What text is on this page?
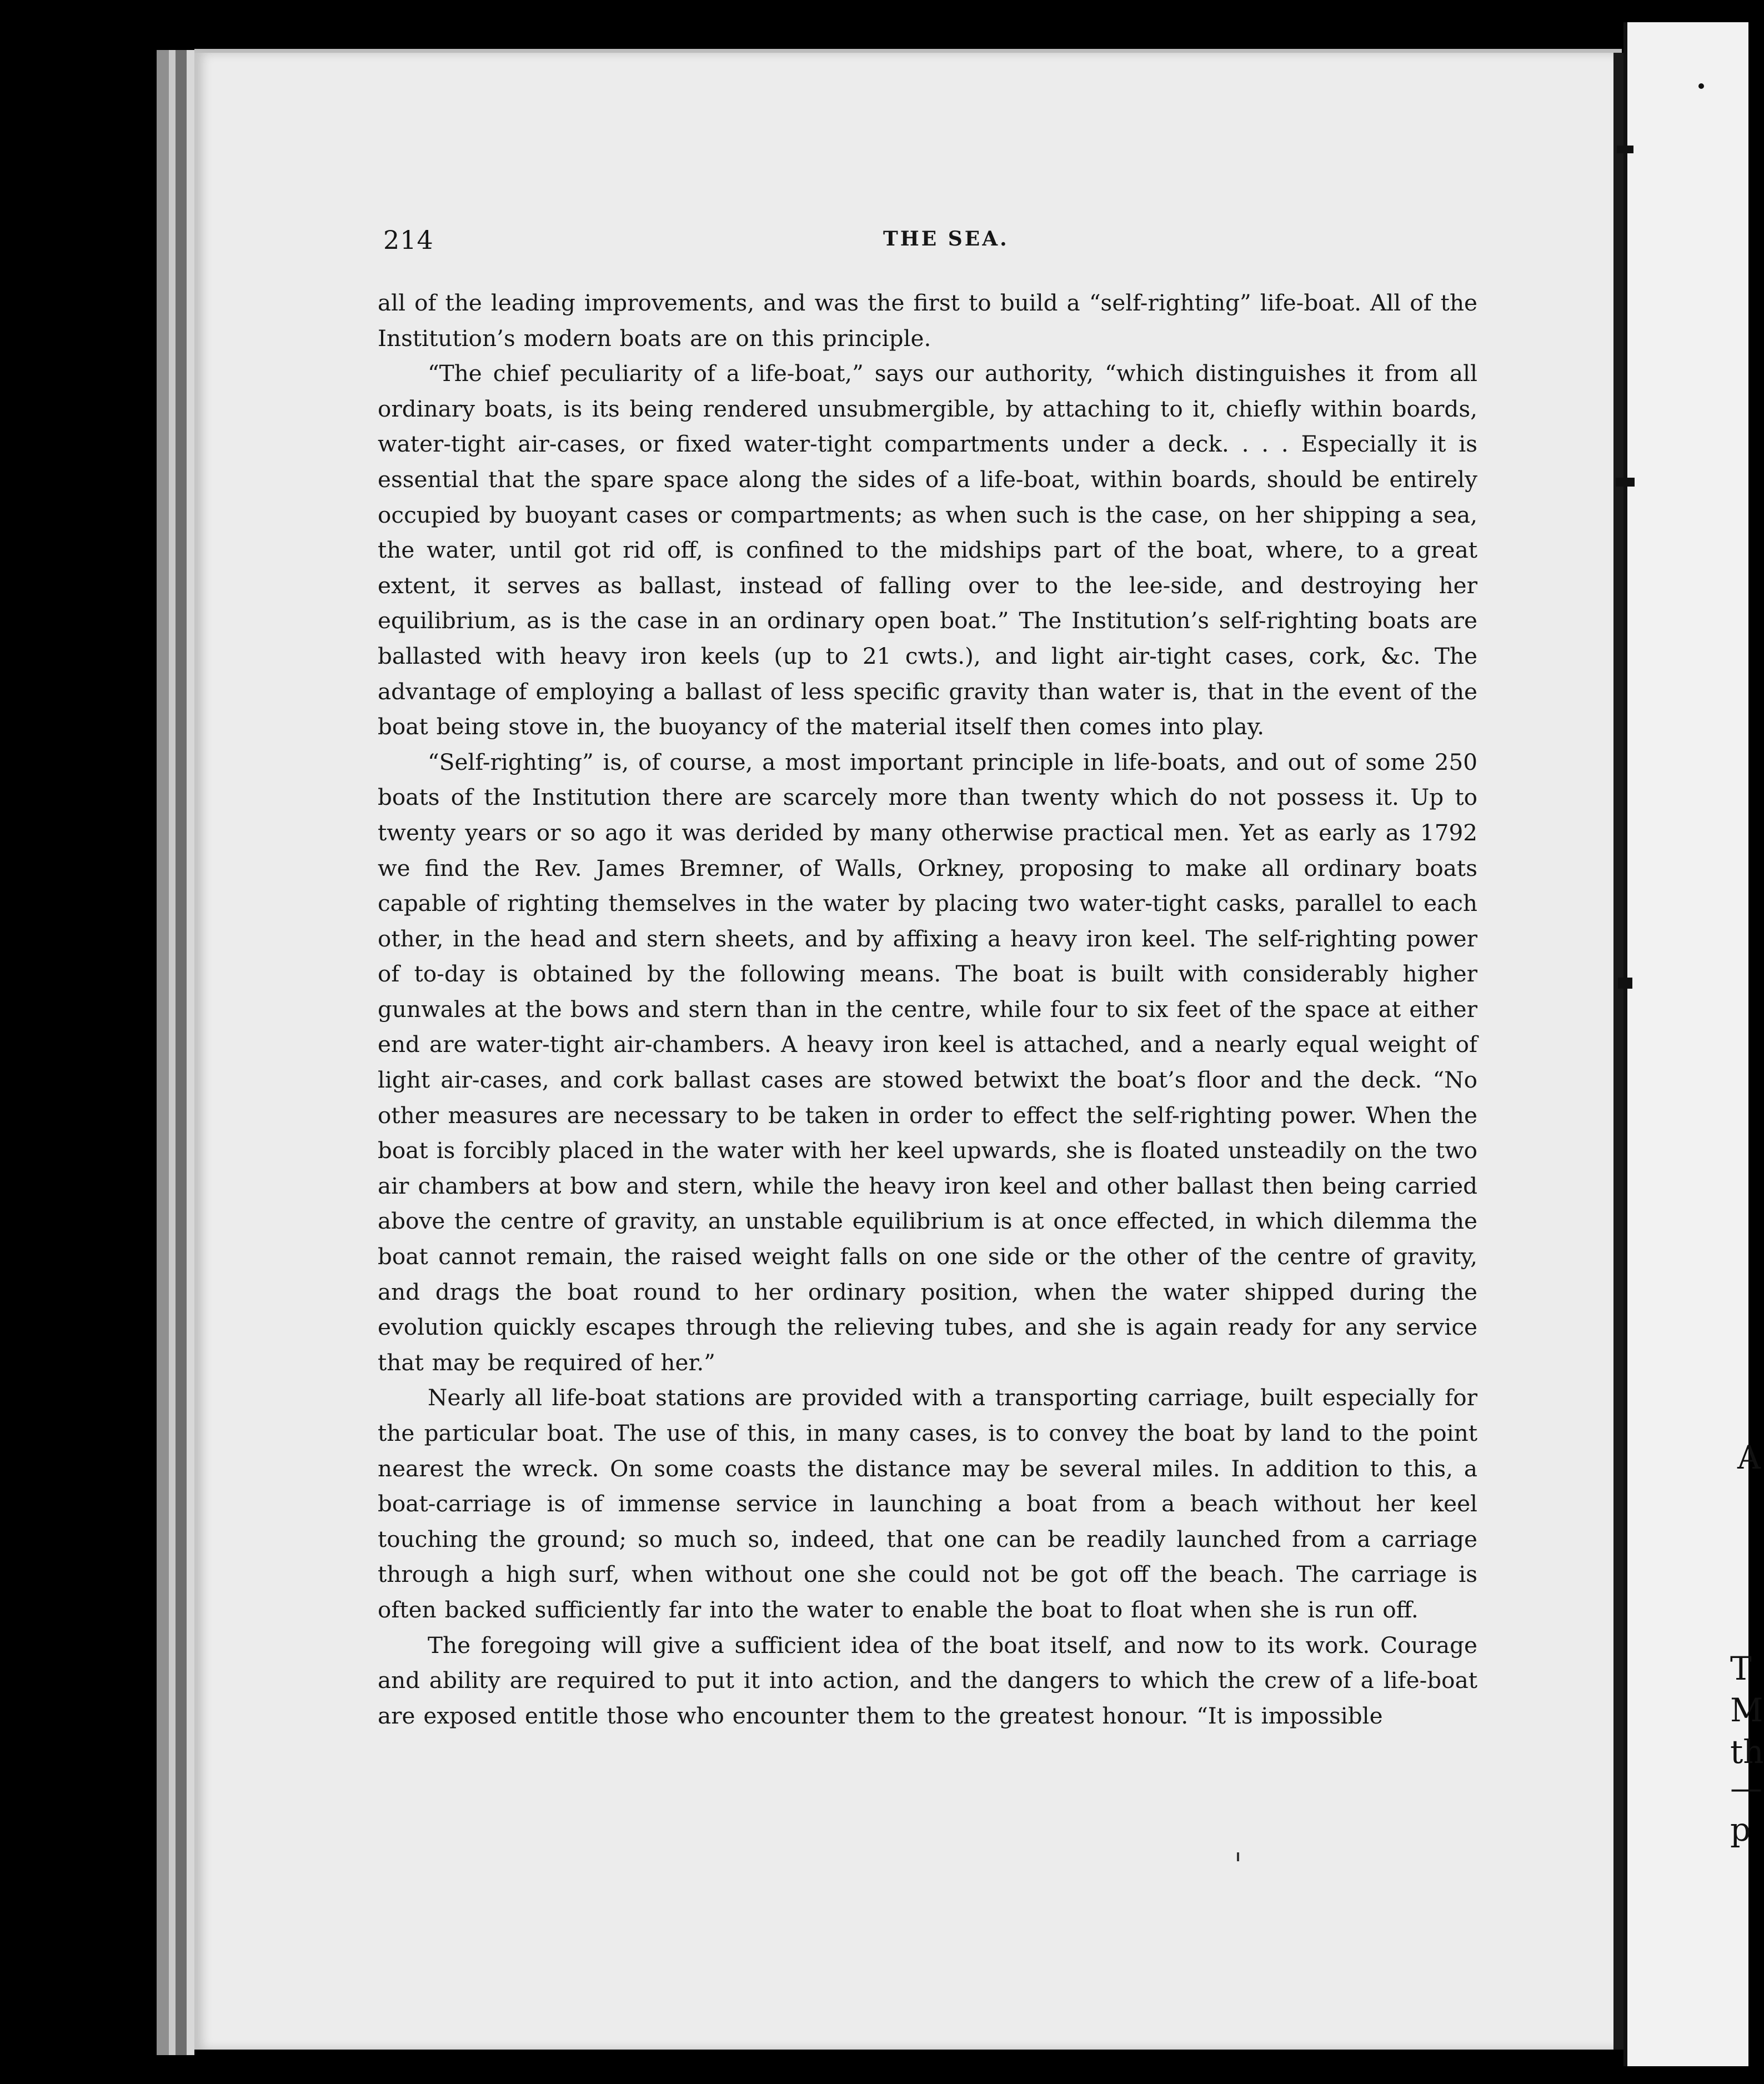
A
T
M
th
—
p
214	THE SEA.

all of the leading improvements, and was the first to build a “self-righting” life-boat. All of the Institution’s modern boats are on this principle.

“The chief peculiarity of a life-boat,” says our authority, “which distinguishes it from all ordinary boats, is its being rendered unsubmergible, by attaching to it, chiefly within boards, water-tight air-cases, or fixed water-tight compartments under a deck. . . . Especially it is essential that the spare space along the sides of a life-boat, within boards, should be entirely occupied by buoyant cases or compartments; as when such is the case, on her shipping a sea, the water, until got rid off, is confined to the midships part of the boat, where, to a great extent, it serves as ballast, instead of falling over to the lee-side, and destroying her equilibrium, as is the case in an ordinary open boat.” The Institution’s self-righting boats are ballasted with heavy iron keels (up to 21 cwts.), and light air-tight cases, cork, &c. The advantage of employing a ballast of less specific gravity than water is, that in the event of the boat being stove in, the buoyancy of the material itself then comes into play.

“Self-righting” is, of course, a most important principle in life-boats, and out of some 250 boats of the Institution there are scarcely more than twenty which do not possess it. Up to twenty years or so ago it was derided by many otherwise practical men. Yet as early as 1792 we find the Rev. James Bremner, of Walls, Orkney, proposing to make all ordinary boats capable of righting themselves in the water by placing two water-tight casks, parallel to each other, in the head and stern sheets, and by affixing a heavy iron keel. The self-righting power of to-day is obtained by the following means. The boat is built with considerably higher gunwales at the bows and stern than in the centre, while four to six feet of the space at either end are water-tight air-chambers. A heavy iron keel is attached, and a nearly equal weight of light air-cases, and cork ballast cases are stowed betwixt the boat’s floor and the deck. “No other measures are necessary to be taken in order to effect the self-righting power. When the boat is forcibly placed in the water with her keel upwards, she is floated unsteadily on the two air chambers at bow and stern, while the heavy iron keel and other ballast then being carried above the centre of gravity, an unstable equilibrium is at once effected, in which dilemma the boat cannot remain, the raised weight falls on one side or the other of the centre of gravity, and drags the boat round to her ordinary position, when the water shipped during the evolution quickly escapes through the relieving tubes, and she is again ready for any service that may be required of her.”

Nearly all life-boat stations are provided with a transporting carriage, built especially for the particular boat. The use of this, in many cases, is to convey the boat by land to the point nearest the wreck. On some coasts the distance may be several miles. In addition to this, a boat-carriage is of immense service in launching a boat from a beach without her keel touching the ground; so much so, indeed, that one can be readily launched from a carriage through a high surf, when without one she could not be got off the beach. The carriage is often backed sufficiently far into the water to enable the boat to float when she is run off.

The foregoing will give a sufficient idea of the boat itself, and now to its work. Courage and ability are required to put it into action, and the dangers to which the crew of a life-boat are exposed entitle those who encounter them to the greatest honour. “It is impossible
